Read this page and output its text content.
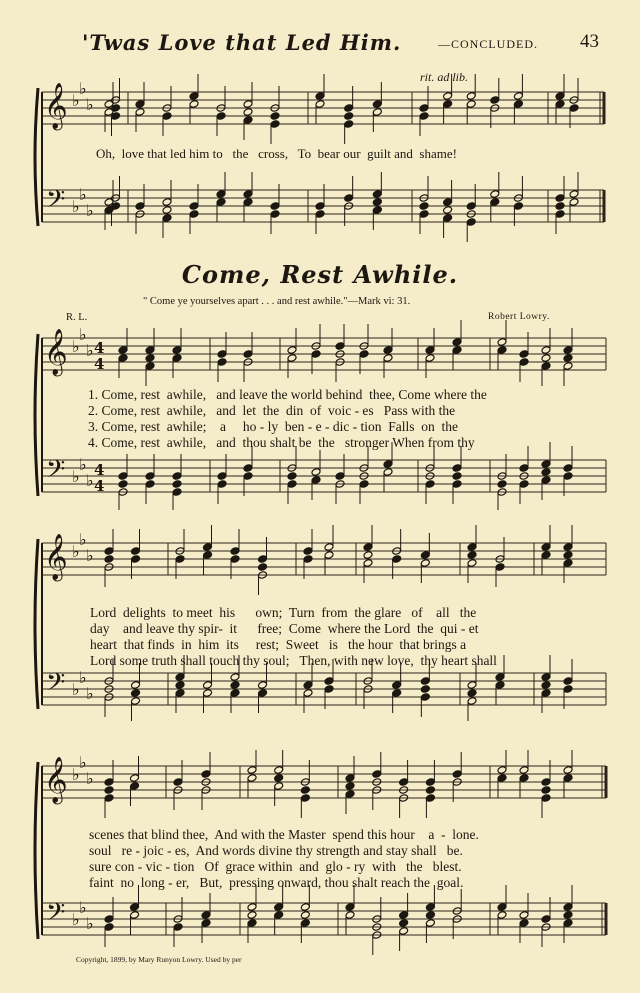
'Twas Love that Led Him.	—CONCLUDED. 43
rit. ad lib.
𝄞
𝄢
♭
♭
♭
♭
♭
♭
Oh,  love that led him to   the   cross,   To  bear our  guilt and  shame!
Come, Rest Awhile.
" Come ye yourselves apart . . . and rest awhile."—Mark vi: 31.
R. L.	Robert Lowry.
𝄞
𝄢
♭
♭
♭
♭
♭
♭
4
4
4
4
1. Come, rest  awhile,   and leave the world behind  thee, Come where the
2. Come, rest  awhile,   and  let  the  din  of  voic - es   Pass with the
3. Come, rest  awhile;    a     ho - ly  ben - e - dic - tion  Falls  on  the
4. Come, rest  awhile,   and  thou shalt be  the   stronger When from thy
𝄞
𝄢
♭
♭
♭
♭
♭
♭
Lord  delights  to meet  his      own;  Turn  from  the glare   of    all   the
day    and leave thy spir-  it      free;  Come  where the Lord  the  qui - et
heart  that finds  in  him  its     rest;  Sweet   is   the hour  that brings a
Lord some truth shall touch thy soul;   Then, with new love,  thy heart shall
𝄞
𝄢
♭
♭
♭
♭
♭
♭
scenes that blind thee,  And with the Master  spend this hour    a  -  lone.
soul   re - joic - es,  And words divine thy strength and stay shall   be.
sure con - vic - tion   Of  grace within  and  glo - ry  with   the   blest.
faint  no  long - er,   But,  pressing onward, thou shalt reach the  goal.
Copyright, 1899, by Mary Runyon Lowry. Used by per
